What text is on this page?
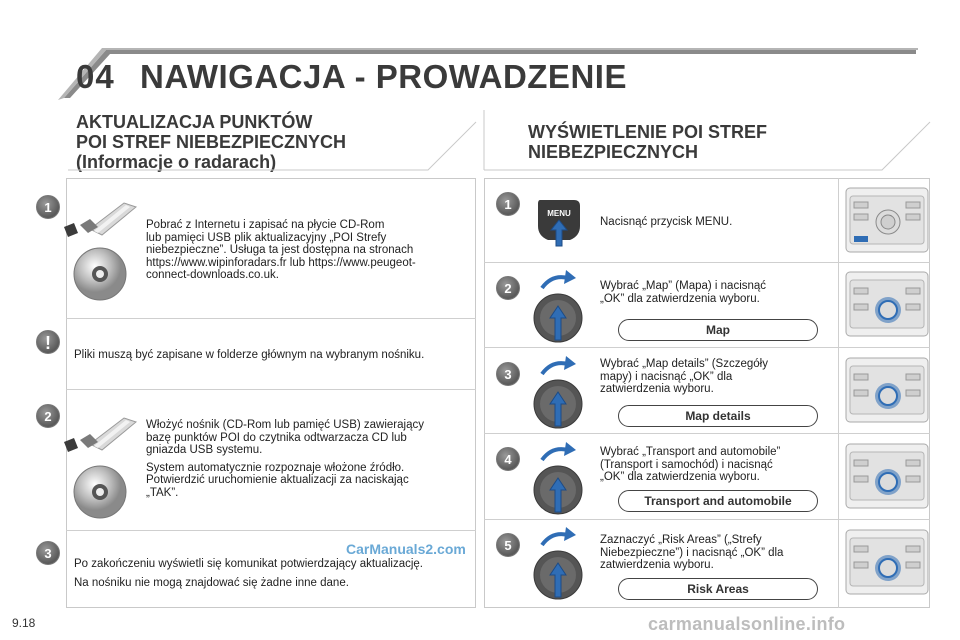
04 NAWIGACJA - PROWADZENIE
AKTUALIZACJA PUNKTÓW
POI STREF NIEBEZPIECZNYCH
(Informacje o radarach)
WYŚWIETLENIE POI STREF
NIEBEZPIECZNYCH
1
Pobrać z Internetu i zapisać na płycie CD-Rom
lub pamięci USB plik aktualizacyjny „POI Strefy
niebezpieczne”. Usługa ta jest dostępna na stronach
https://www.wipinforadars.fr lub https://www.peugeot-
connect-downloads.co.uk.
!
Pliki muszą być zapisane w folderze głównym na wybranym nośniku.
2
Włożyć nośnik (CD-Rom lub pamięć USB) zawierający
bazę punktów POI do czytnika odtwarzacza CD lub
gniazda USB systemu.
System automatycznie rozpoznaje włożone źródło.
Potwierdzić uruchomienie aktualizacji za naciskając
„TAK”.
3
Po zakończeniu wyświetli się komunikat potwierdzający aktualizację.
Na nośniku nie mogą znajdować się żadne inne dane.
CarManuals2.com
1
MENU
Nacisnąć przycisk MENU.
2
3
4
5
Wybrać „Map” (Mapa) i nacisnąć
„OK” dla zatwierdzenia wyboru.
Map
Wybrać „Map details” (Szczegóły
mapy) i nacisnąć „OK” dla
zatwierdzenia wyboru.
Map details
Wybrać „Transport and automobile”
(Transport i samochód) i nacisnąć
„OK” dla zatwierdzenia wyboru.
Transport and automobile
Zaznaczyć „Risk Areas” („Strefy
Niebezpieczne”) i nacisnąć „OK” dla
zatwierdzenia wyboru.
Risk Areas
9.18	carmanualsonline.info
